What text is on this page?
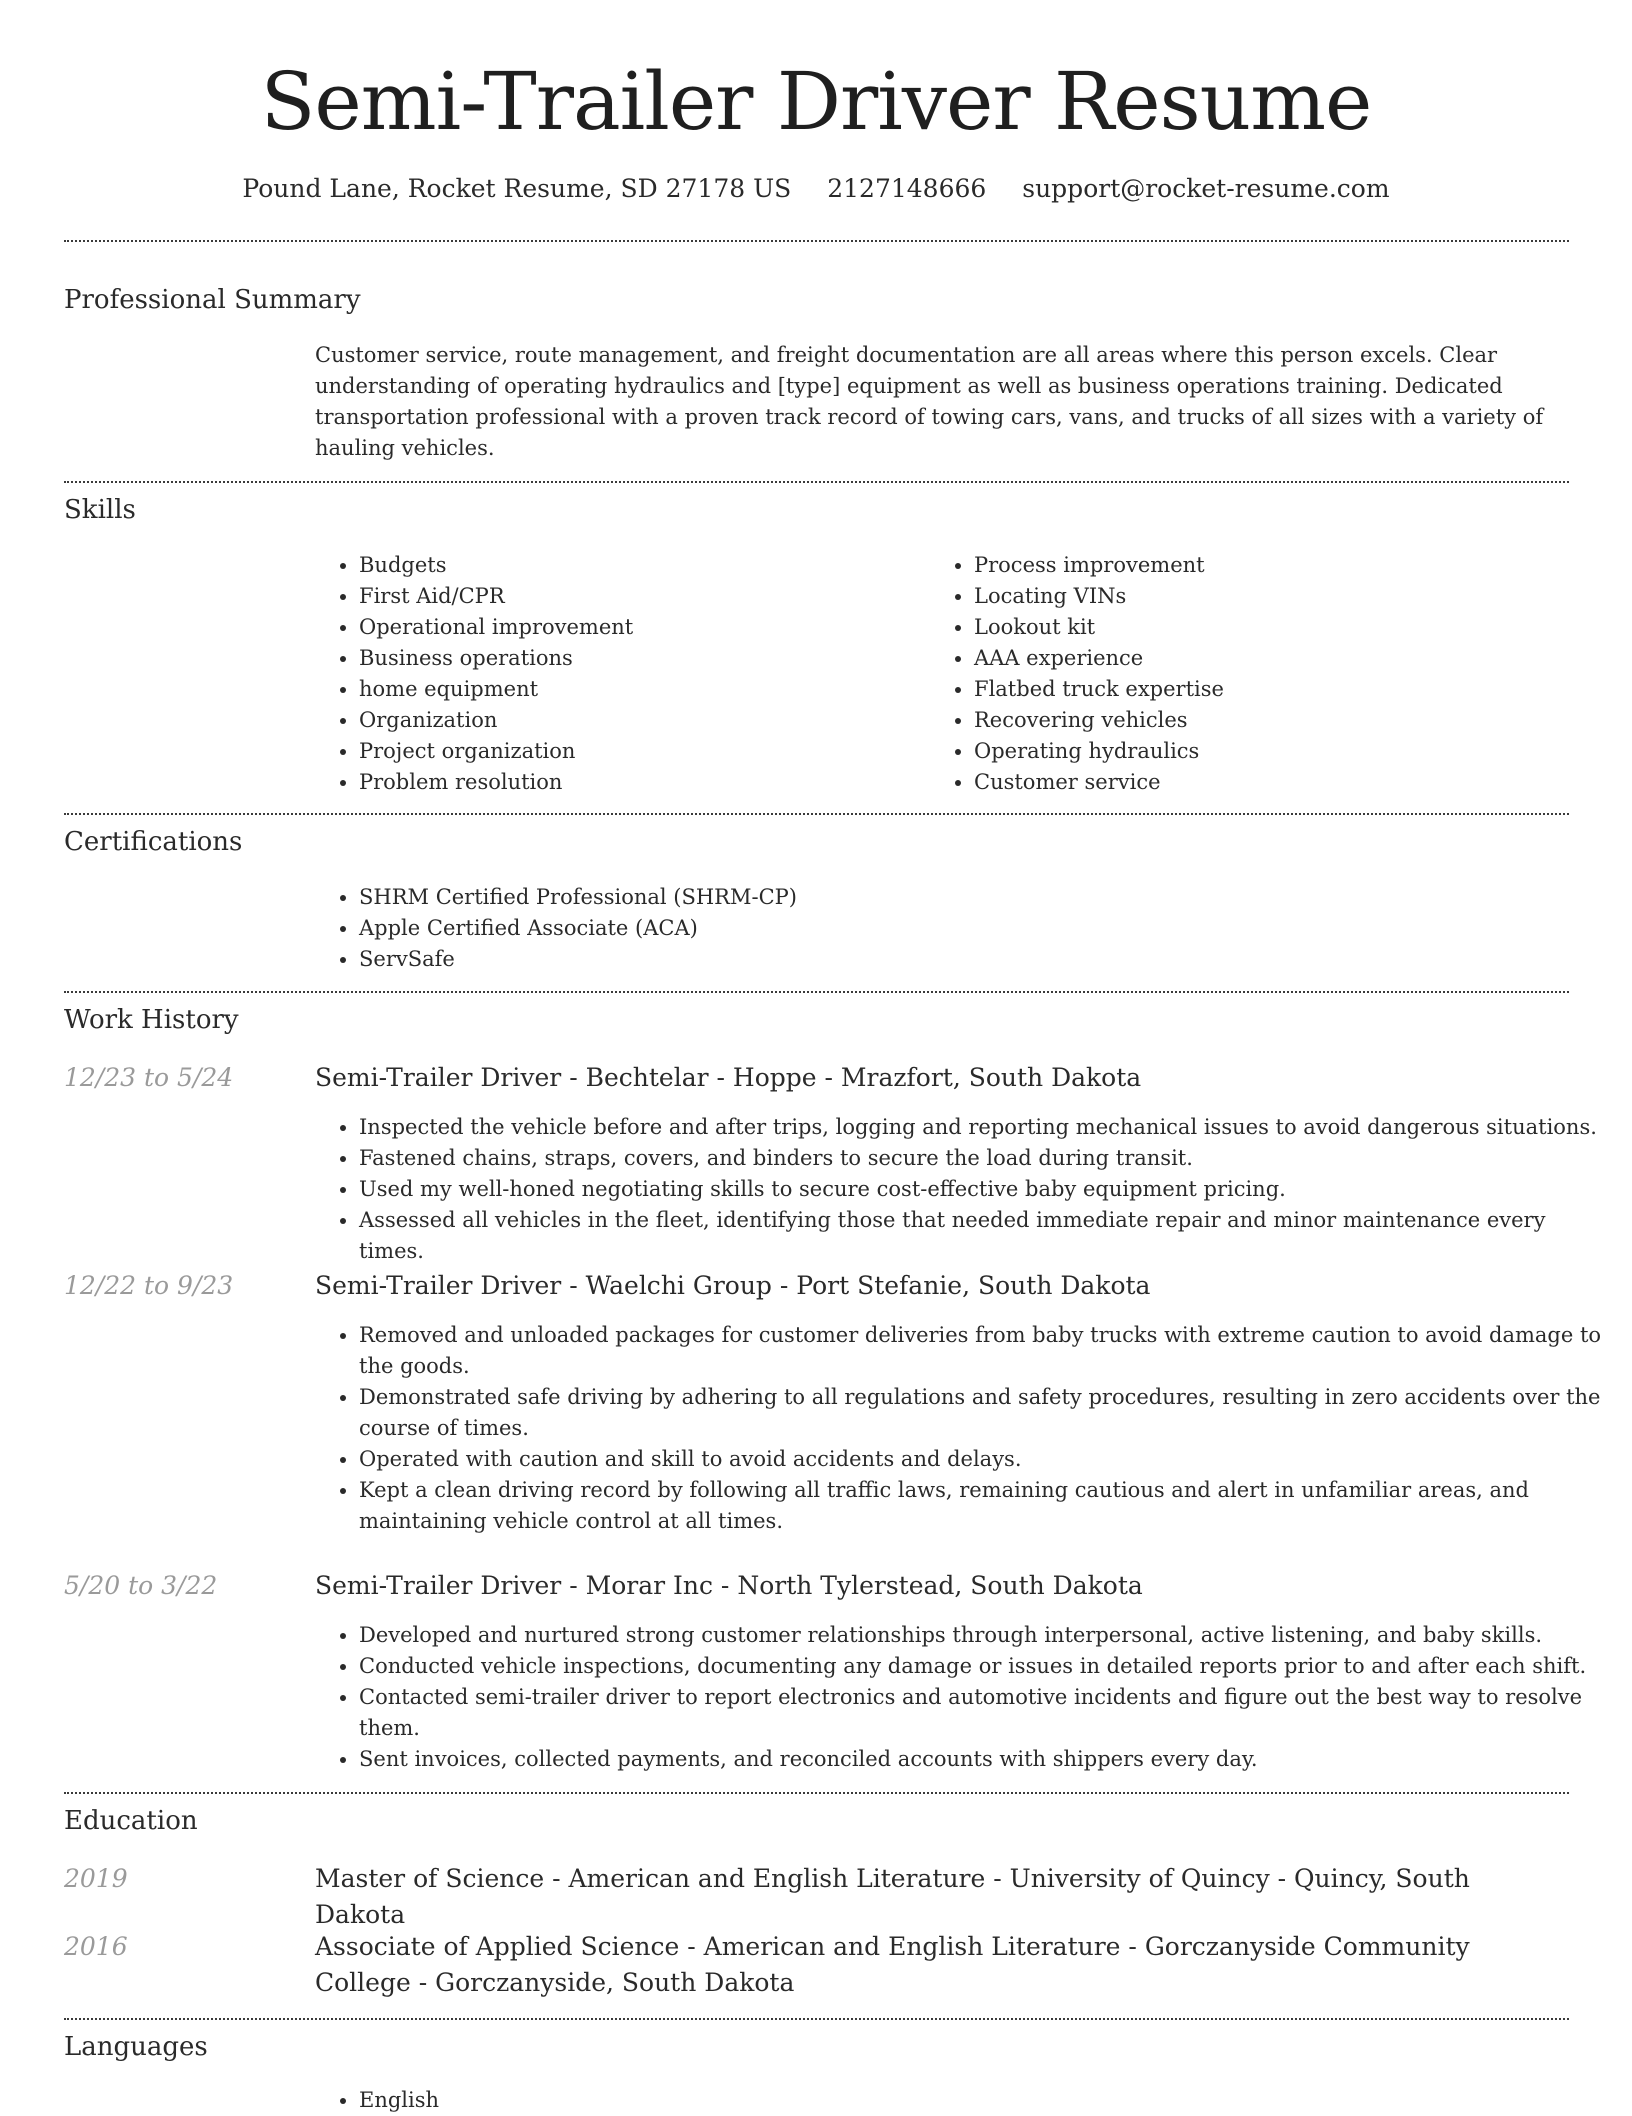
Semi-Trailer Driver Resume
Pound Lane, Rocket Resume, SD 27178 US 2127148666 support@rocket-resume.com
Professional Summary

Customer service, route management, and freight documentation are all areas where this person excels. Clear understanding of operating hydraulics and [type] equipment as well as business operations training. Dedicated transportation professional with a proven track record of towing cars, vans, and trucks of all sizes with a variety of hauling vehicles.

Skills
• Budgets
• First Aid/CPR
• Operational improvement
• Business operations
• home equipment
• Organization
• Project organization
• Problem resolution
• Process improvement
• Locating VINs
• Lookout kit
• AAA experience
• Flatbed truck expertise
• Recovering vehicles
• Operating hydraulics
• Customer service
Certifications
• SHRM Certified Professional (SHRM-CP)
• Apple Certified Associate (ACA)
• ServSafe
Work History
12/23 to 5/24	Semi-Trailer Driver - Bechtelar - Hoppe - Mrazfort, South Dakota
• Inspected the vehicle before and after trips, logging and reporting mechanical issues to avoid dangerous situations.
• Fastened chains, straps, covers, and binders to secure the load during transit.
• Used my well-honed negotiating skills to secure cost-effective baby equipment pricing.
• Assessed all vehicles in the fleet, identifying those that needed immediate repair and minor maintenance every times.
12/22 to 9/23	Semi-Trailer Driver - Waelchi Group - Port Stefanie, South Dakota
• Removed and unloaded packages for customer deliveries from baby trucks with extreme caution to avoid damage to the goods.
• Demonstrated safe driving by adhering to all regulations and safety procedures, resulting in zero accidents over the course of times.
• Operated with caution and skill to avoid accidents and delays.
• Kept a clean driving record by following all traffic laws, remaining cautious and alert in unfamiliar areas, and maintaining vehicle control at all times.
5/20 to 3/22	Semi-Trailer Driver - Morar Inc - North Tylerstead, South Dakota
• Developed and nurtured strong customer relationships through interpersonal, active listening, and baby skills.
• Conducted vehicle inspections, documenting any damage or issues in detailed reports prior to and after each shift.
• Contacted semi-trailer driver to report electronics and automotive incidents and figure out the best way to resolve them.
• Sent invoices, collected payments, and reconciled accounts with shippers every day.
Education
2019	Master of Science - American and English Literature - University of Quincy - Quincy, South Dakota
2016	Associate of Applied Science - American and English Literature - Gorczanyside Community College - Gorczanyside, South Dakota
Languages
• English
